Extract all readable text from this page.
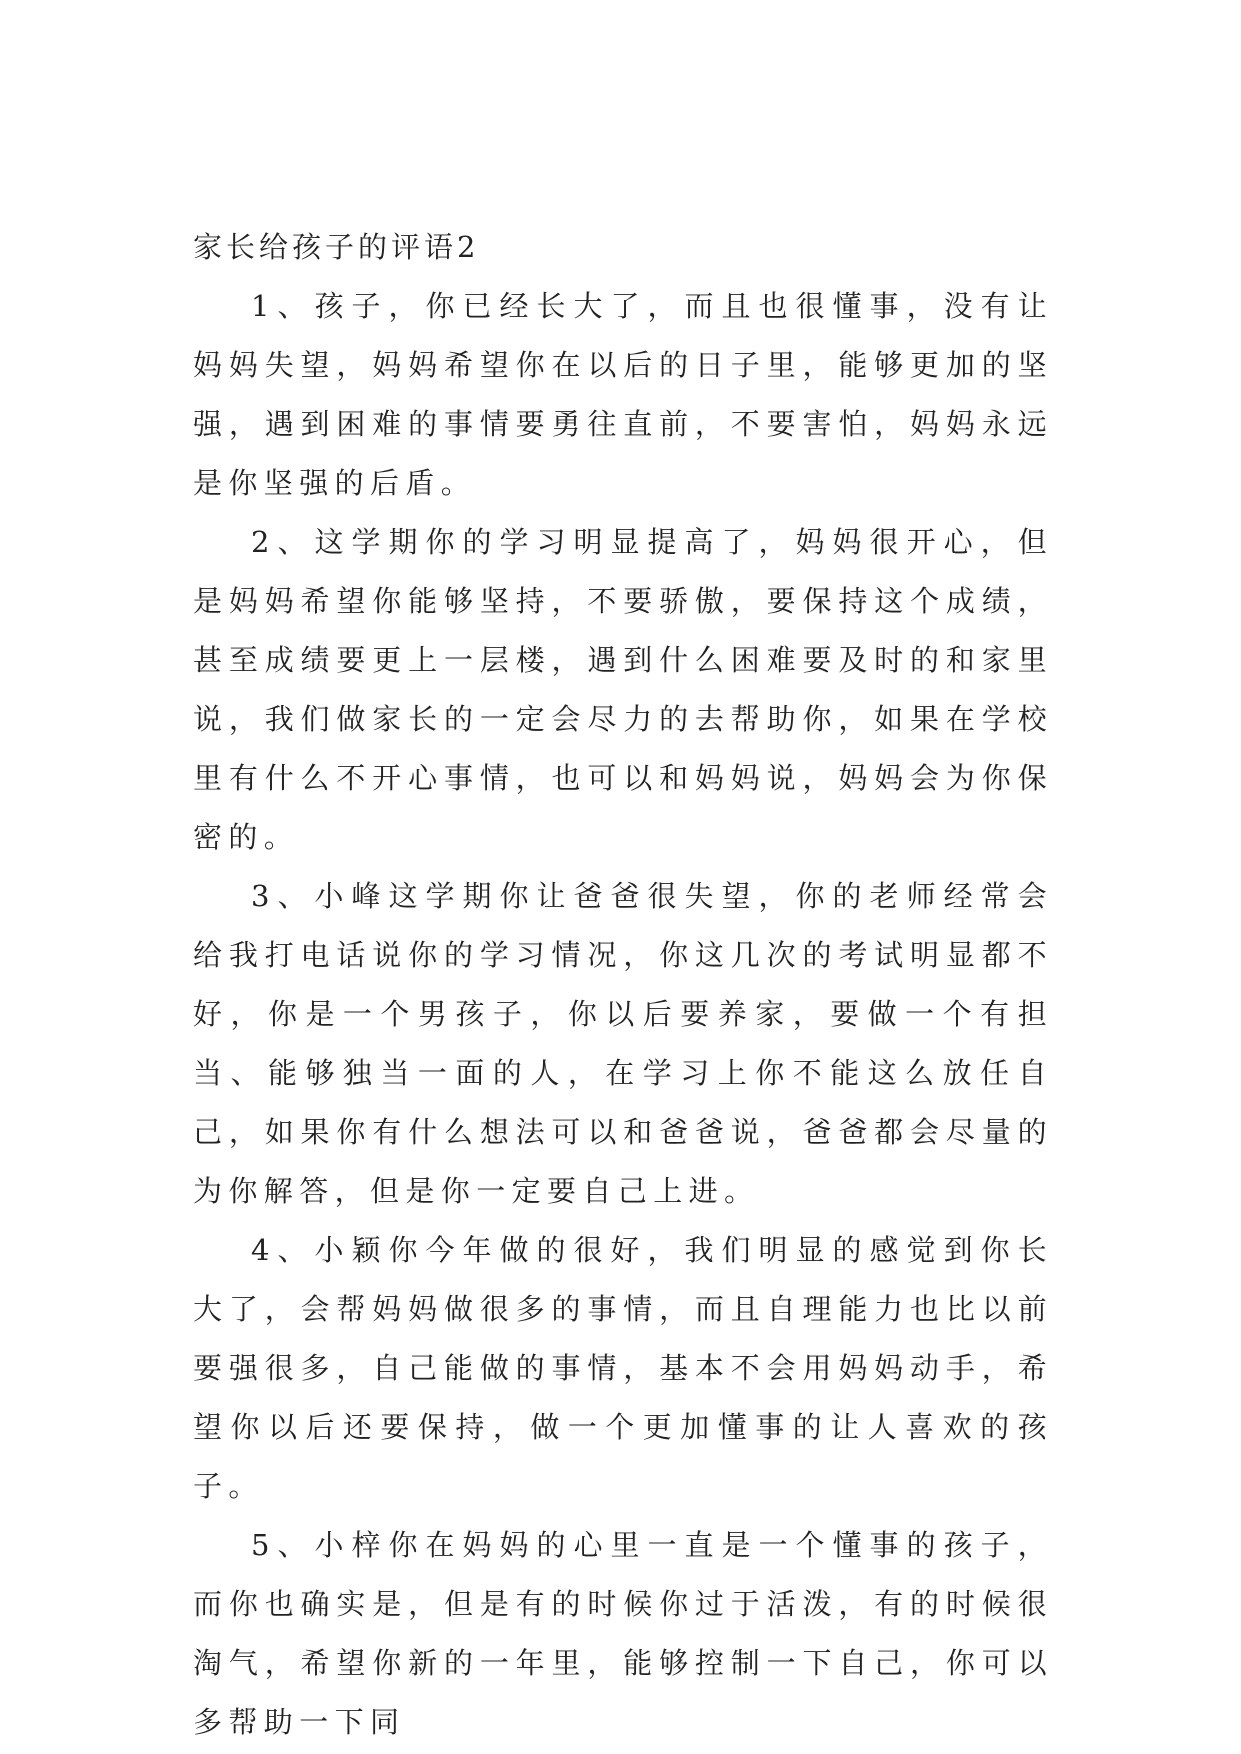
家长给孩子的评语2

1、孩子，你已经长大了，而且也很懂事，没有让妈妈失望，妈妈希望你在以后的日子里，能够更加的坚强，遇到困难的事情要勇往直前，不要害怕，妈妈永远是你坚强的后盾。

2、这学期你的学习明显提高了，妈妈很开心，但是妈妈希望你能够坚持，不要骄傲，要保持这个成绩，甚至成绩要更上一层楼，遇到什么困难要及时的和家里说，我们做家长的一定会尽力的去帮助你，如果在学校里有什么不开心事情，也可以和妈妈说，妈妈会为你保密的。

3、小峰这学期你让爸爸很失望，你的老师经常会给我打电话说你的学习情况，你这几次的考试明显都不好，你是一个男孩子，你以后要养家，要做一个有担当、能够独当一面的人，在学习上你不能这么放任自己，如果你有什么想法可以和爸爸说，爸爸都会尽量的为你解答，但是你一定要自己上进。

4、小颖你今年做的很好，我们明显的感觉到你长大了，会帮妈妈做很多的事情，而且自理能力也比以前要强很多，自己能做的事情，基本不会用妈妈动手，希望你以后还要保持，做一个更加懂事的让人喜欢的孩子。

5、小梓你在妈妈的心里一直是一个懂事的孩子，而你也确实是，但是有的时候你过于活泼，有的时候很淘气，希望你新的一年里，能够控制一下自己，你可以多帮助一下同
